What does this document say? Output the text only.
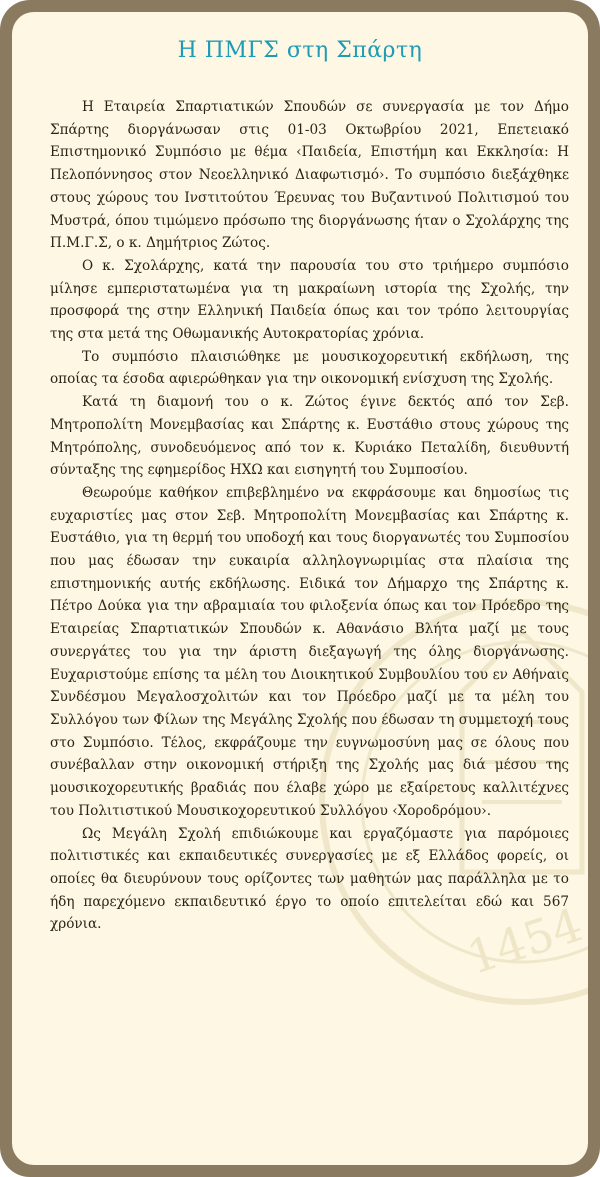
1454
Η ΠΜΓΣ στη Σπάρτη

Η Εταιρεία Σπαρτιατικών Σπουδών σε συνεργασία με τον Δήμο Σπάρτης διοργάνωσαν στις 01-03 Οκτωβρίου 2021, Επετειακό Επιστημονικό Συμπόσιο με θέμα ‹Παιδεία, Επιστήμη και Εκκλησία: Η Πελοπόννησος στον Νεοελληνικό Διαφωτισμό›. Το συμπόσιο διεξάχθηκε στους χώρους του Ινστιτούτου Έρευνας του Βυζαντινού Πολιτισμού του Μυστρά, όπου τιμώμενο πρόσωπο της διοργάνωσης ήταν ο Σχολάρχης της Π.Μ.Γ.Σ, ο κ. Δημήτριος Ζώτος.

Ο κ. Σχολάρχης, κατά την παρουσία του στο τριήμερο συμπόσιο μίλησε εμπεριστατωμένα για τη μακραίωνη ιστορία της Σχολής, την προσφορά της στην Ελληνική Παιδεία όπως και τον τρόπο λειτουργίας της στα μετά της Οθωμανικής Αυτοκρατορίας χρόνια.

Το συμπόσιο πλαισιώθηκε με μουσικοχορευτική εκδήλωση, της οποίας τα έσοδα αφιερώθηκαν για την οικονομική ενίσχυση της Σχολής.

Κατά τη διαμονή του ο κ. Ζώτος έγινε δεκτός από τον Σεβ. Μητροπολίτη Μονεμβασίας και Σπάρτης κ. Ευστάθιο στους χώρους της Μητρόπολης, συνοδευόμενος από τον κ. Κυριάκο Πεταλίδη, διευθυντή σύνταξης της εφημερίδος ΗΧΩ και εισηγητή του Συμποσίου.

Θεωρούμε καθήκον επιβεβλημένο να εκφράσουμε και δημοσίως τις ευχαριστίες μας στον Σεβ. Μητροπολίτη Μονεμβασίας και Σπάρτης κ. Ευστάθιο, για τη θερμή του υποδοχή και τους διοργανωτές του Συμποσίου που μας έδωσαν την ευκαιρία αλληλογνωριμίας στα πλαίσια της επιστημονικής αυτής εκδήλωσης. Ειδικά τον Δήμαρχο της Σπάρτης κ. Πέτρο Δούκα για την αβραμιαία του φιλοξενία όπως και τον Πρόεδρο της Εταιρείας Σπαρτιατικών Σπουδών κ. Αθανάσιο Βλήτα μαζί με τους συνεργάτες του για την άριστη διεξαγωγή της όλης διοργάνωσης. Ευχαριστούμε επίσης τα μέλη του Διοικητικού Συμβουλίου του εν Αθήναις Συνδέσμου Μεγαλοσχολιτών και τον Πρόεδρο μαζί με τα μέλη του Συλλόγου των Φίλων της Μεγάλης Σχολής που έδωσαν τη συμμετοχή τους στο Συμπόσιο. Τέλος, εκφράζουμε την ευγνωμοσύνη μας σε όλους που συνέβαλλαν στην οικονομική στήριξη της Σχολής μας διά μέσου της μουσικοχορευτικής βραδιάς που έλαβε χώρο με εξαίρετους καλλιτέχνες του Πολιτιστικού Μουσικοχορευτικού Συλλόγου ‹Χοροδρόμου›.

Ως Μεγάλη Σχολή επιδιώκουμε και εργαζόμαστε για παρόμοιες πολιτιστικές και εκπαιδευτικές συνεργασίες με εξ Ελλάδος φορείς, οι οποίες θα διευρύνουν τους ορίζοντες των μαθητών μας παράλληλα με το ήδη παρεχόμενο εκπαιδευτικό έργο το οποίο επιτελείται εδώ και 567 χρόνια.
